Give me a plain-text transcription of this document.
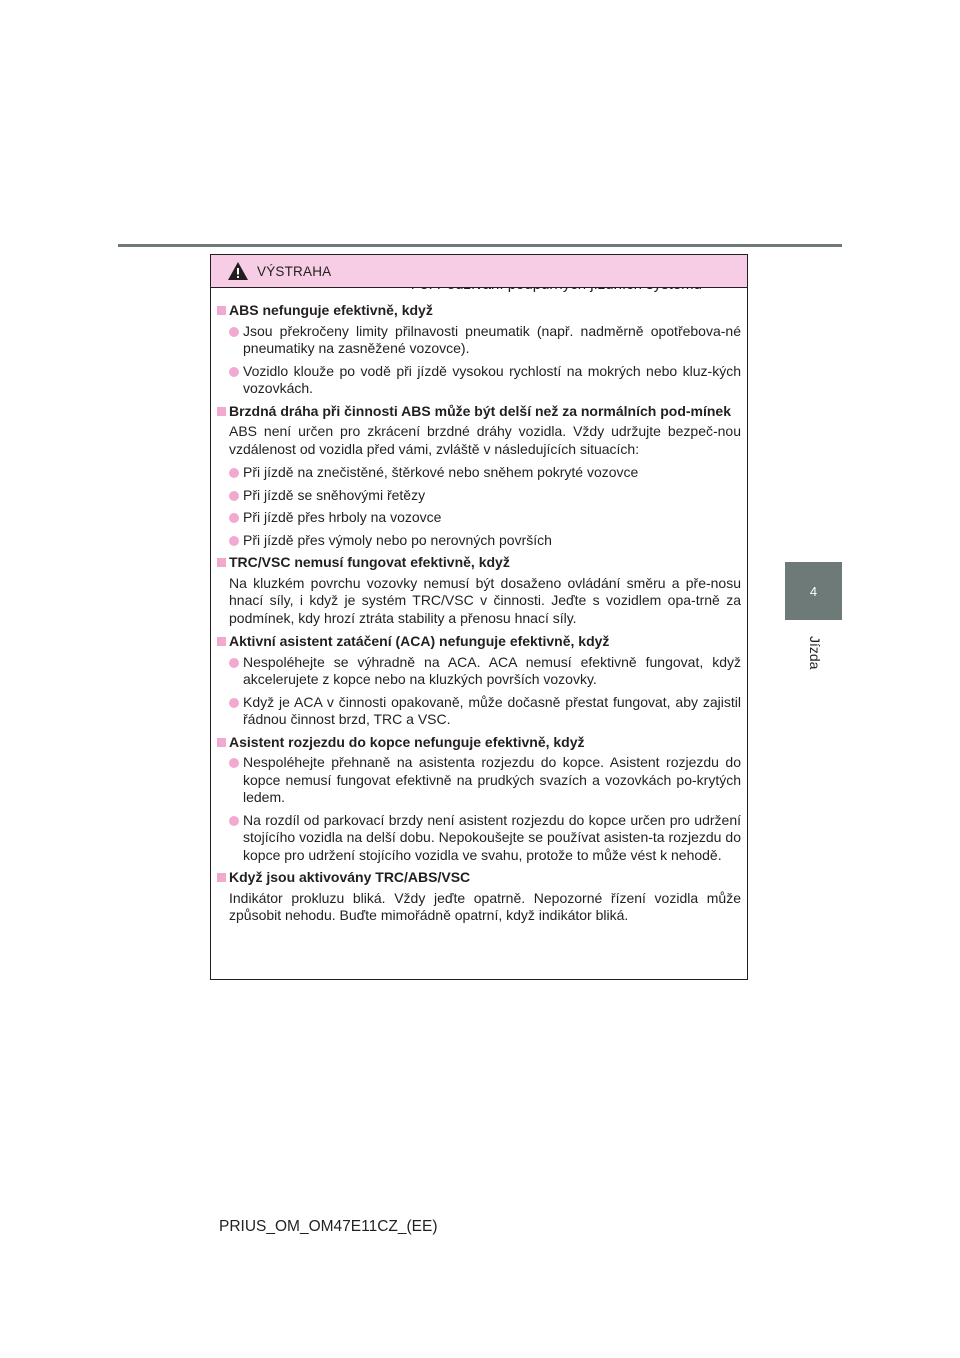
4
Jízda
VÝSTRAHA
ABS nefunguje efektivně, když
Jsou překročeny limity přilnavosti pneumatik (např. nadměrně opotřebova-né pneumatiky na zasněžené vozovce).
Vozidlo klouže po vodě při jízdě vysokou rychlostí na mokrých nebo kluz-kých vozovkách.
Brzdná dráha při činnosti ABS může být delší než za normálních pod-mínek
ABS není určen pro zkrácení brzdné dráhy vozidla. Vždy udržujte bezpeč-nou vzdálenost od vozidla před vámi, zvláště v následujících situacích:
Při jízdě na znečistěné, štěrkové nebo sněhem pokryté vozovce
Při jízdě se sněhovými řetězy
Při jízdě přes hrboly na vozovce
Při jízdě přes výmoly nebo po nerovných površích
TRC/VSC nemusí fungovat efektivně, když
Na kluzkém povrchu vozovky nemusí být dosaženo ovládání směru a pře-nosu hnací síly, i když je systém TRC/VSC v činnosti. Jeďte s vozidlem opa-trně za podmínek, kdy hrozí ztráta stability a přenosu hnací síly.
Aktivní asistent zatáčení (ACA) nefunguje efektivně, když
Nespoléhejte se výhradně na ACA. ACA nemusí efektivně fungovat, když akcelerujete z kopce nebo na kluzkých površích vozovky.
Když je ACA v činnosti opakovaně, může dočasně přestat fungovat, aby zajistil řádnou činnost brzd, TRC a VSC.
Asistent rozjezdu do kopce nefunguje efektivně, když
Nespoléhejte přehnaně na asistenta rozjezdu do kopce. Asistent rozjezdu do kopce nemusí fungovat efektivně na prudkých svazích a vozovkách po-krytých ledem.
Na rozdíl od parkovací brzdy není asistent rozjezdu do kopce určen pro udržení stojícího vozidla na delší dobu. Nepokoušejte se používat asisten-ta rozjezdu do kopce pro udržení stojícího vozidla ve svahu, protože to může vést k nehodě.
Když jsou aktivovány TRC/ABS/VSC
Indikátor prokluzu bliká. Vždy jeďte opatrně. Nepozorné řízení vozidla může způsobit nehodu. Buďte mimořádně opatrní, když indikátor bliká.
PRIUS_OM_OM47E11CZ_(EE)
